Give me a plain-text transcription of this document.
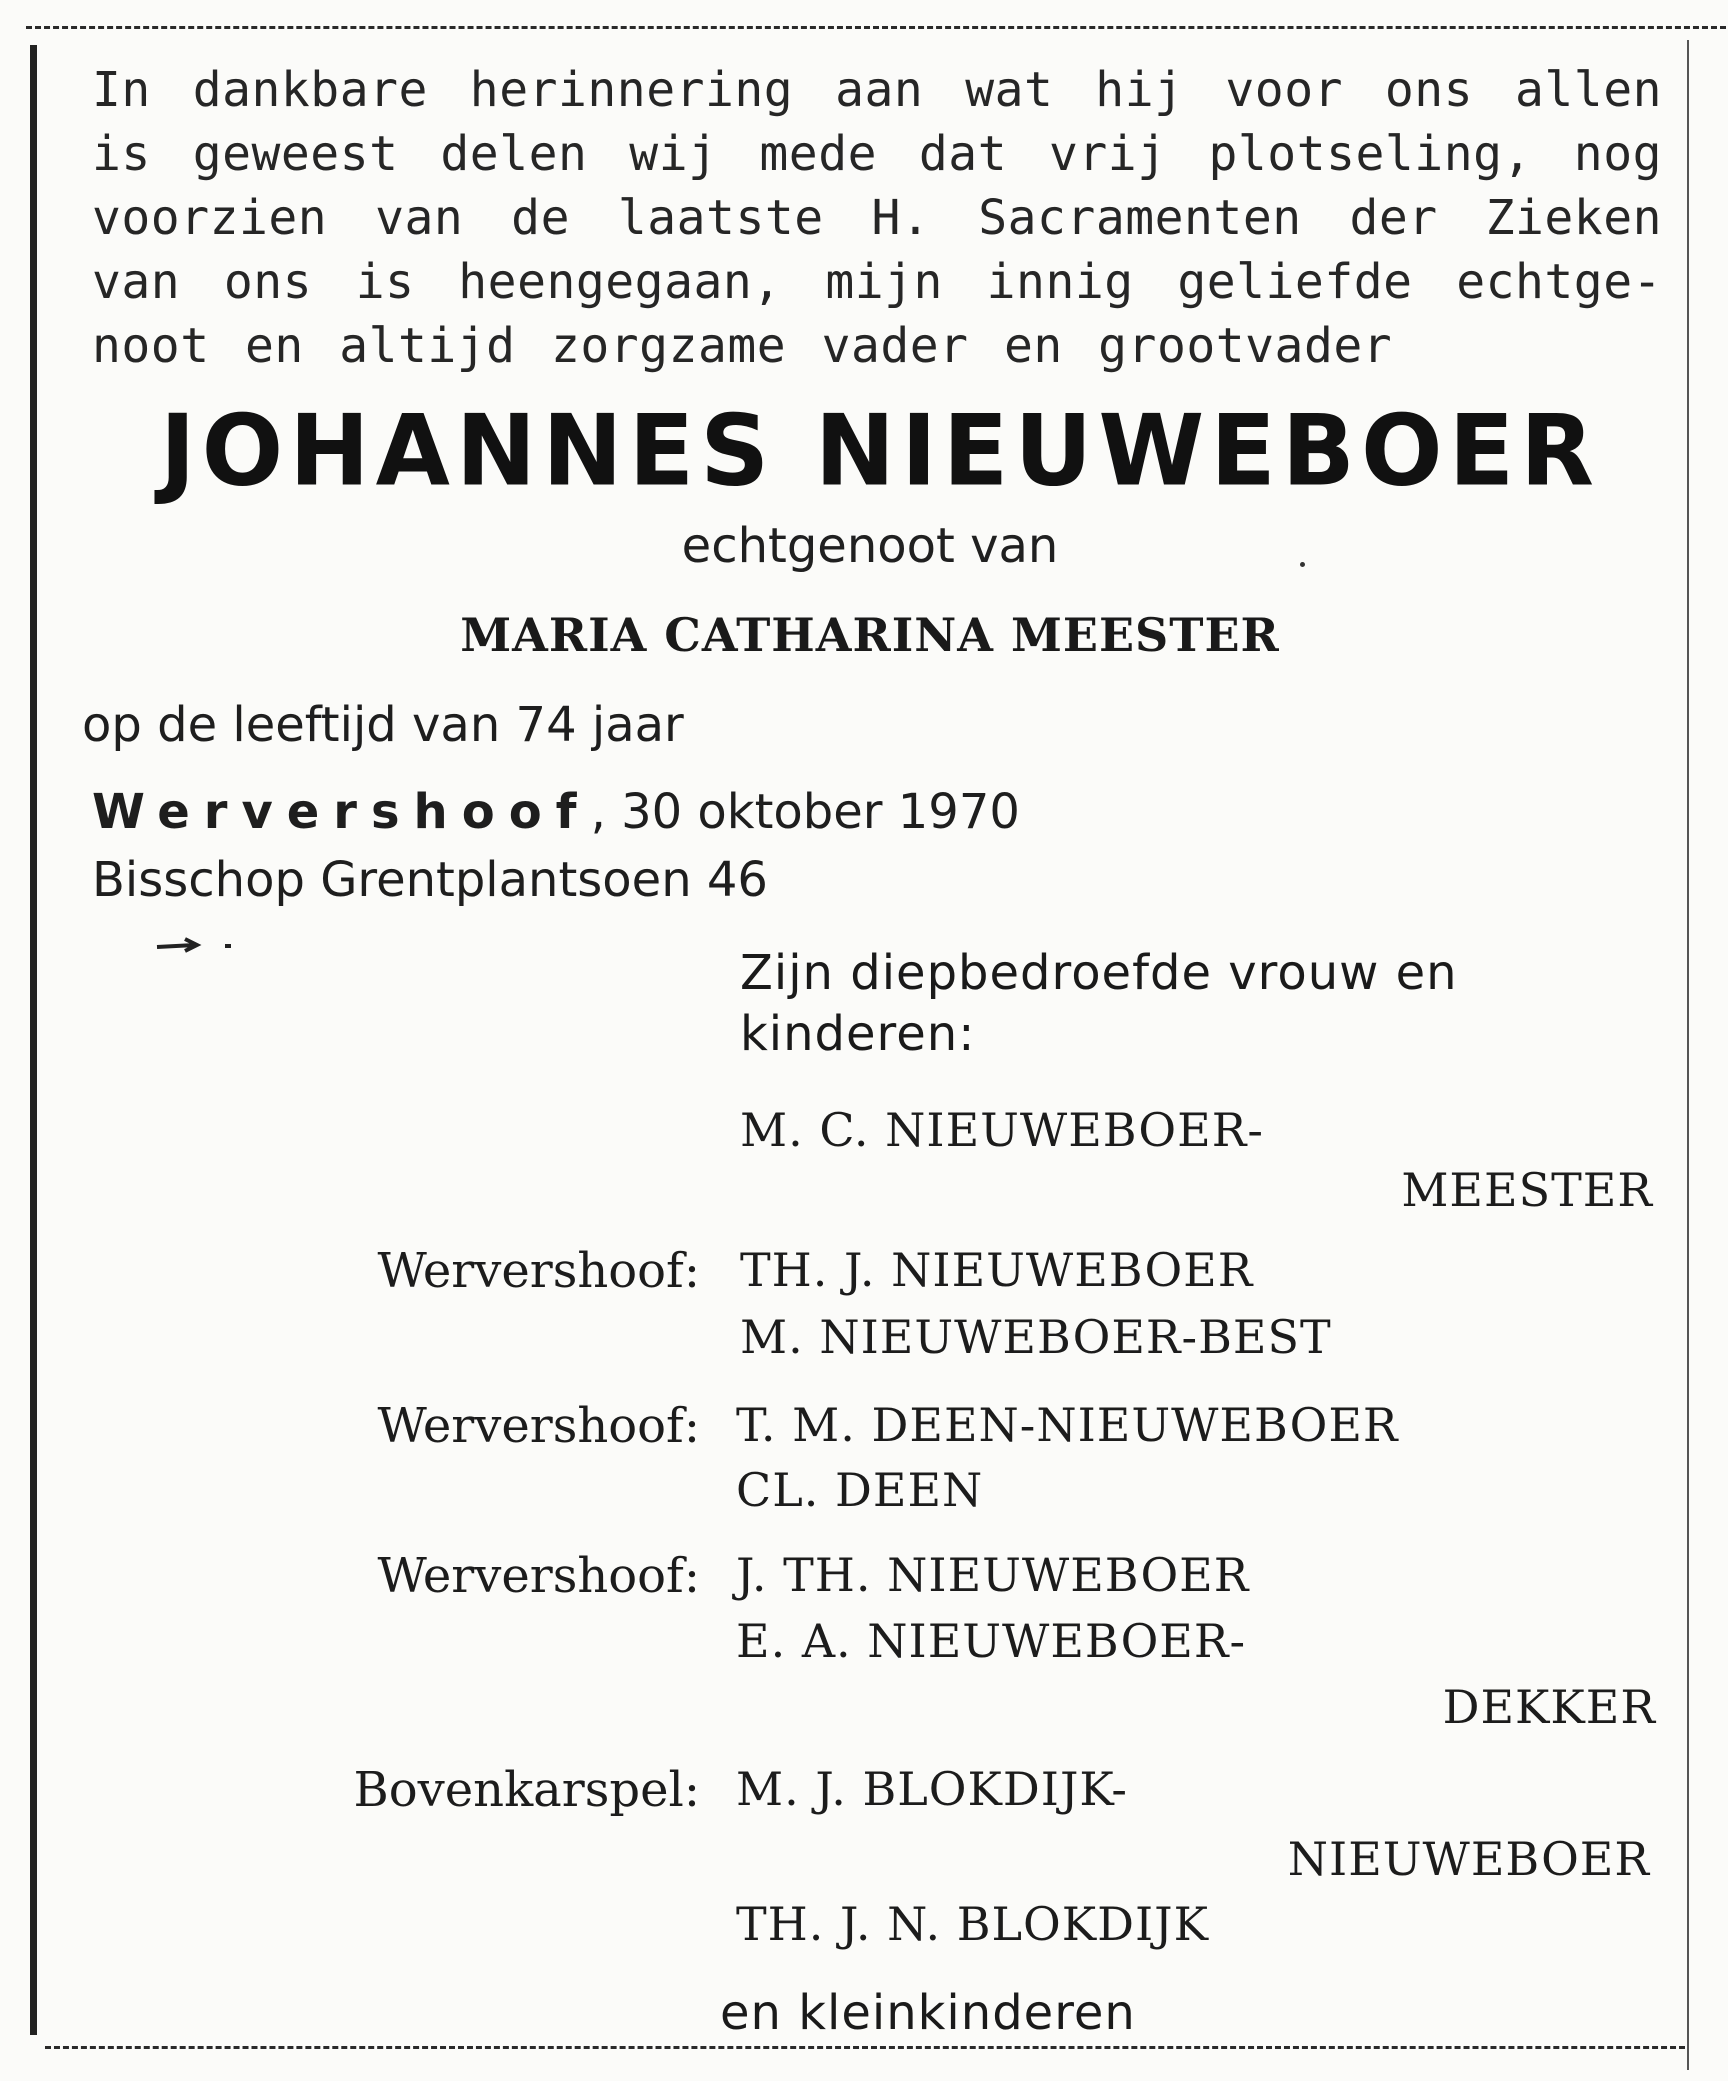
In dankbare herinnering aan wat hij voor ons allen
is geweest delen wij mede dat vrij plotseling, nog
voorzien van de laatste H. Sacramenten der Zieken
van ons is heengegaan, mijn innig geliefde echtge-
noot en altijd zorgzame vader en grootvader
JOHANNES NIEUWEBOER
echtgenoot van
MARIA CATHARINA MEESTER
op de leeftijd van 74 jaar
Wervershoof, 30 oktober 1970
Bisschop Grentplantsoen 46
Zijn diepbedroefde vrouw en
kinderen:
M. C. NIEUWEBOER-
MEESTER
Wervershoof: TH. J. NIEUWEBOER
M. NIEUWEBOER-BEST
Wervershoof: T. M. DEEN-NIEUWEBOER
CL. DEEN
Wervershoof: J. TH. NIEUWEBOER
E. A. NIEUWEBOER-
DEKKER
Bovenkarspel: M. J. BLOKDIJK-
NIEUWEBOER
TH. J. N. BLOKDIJK
en kleinkinderen
